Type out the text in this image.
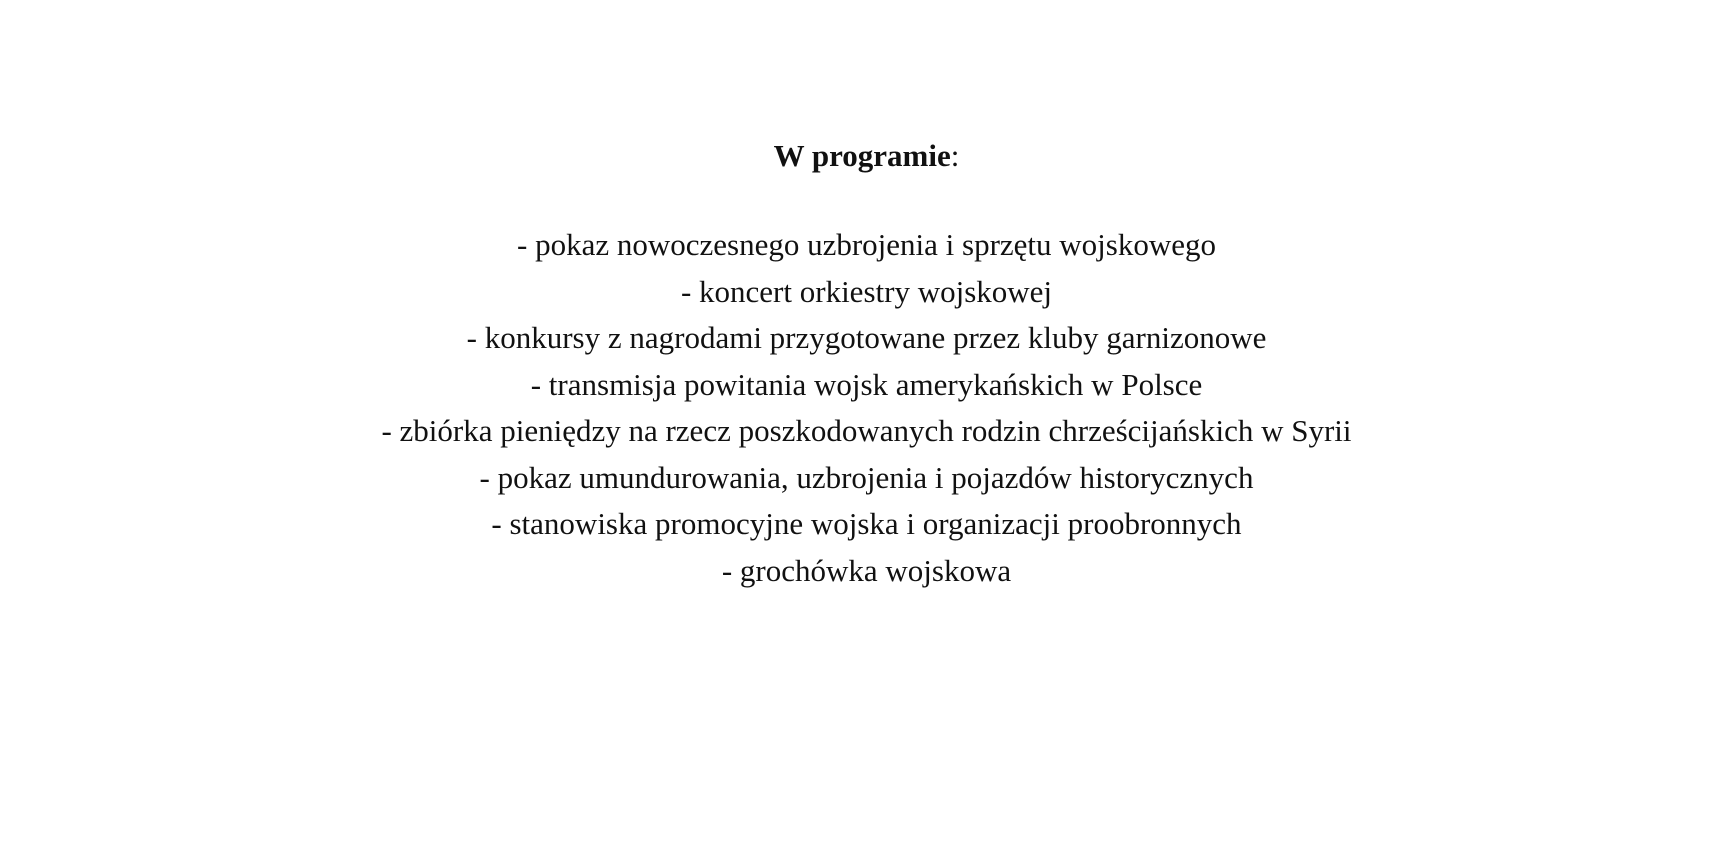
W programie:
- pokaz nowoczesnego uzbrojenia i sprzętu wojskowego
- koncert orkiestry wojskowej
- konkursy z nagrodami przygotowane przez kluby garnizonowe
- transmisja powitania wojsk amerykańskich w Polsce
- zbiórka pieniędzy na rzecz poszkodowanych rodzin chrześcijańskich w Syrii
- pokaz umundurowania, uzbrojenia i pojazdów historycznych
- stanowiska promocyjne wojska i organizacji proobronnych
- grochówka wojskowa
